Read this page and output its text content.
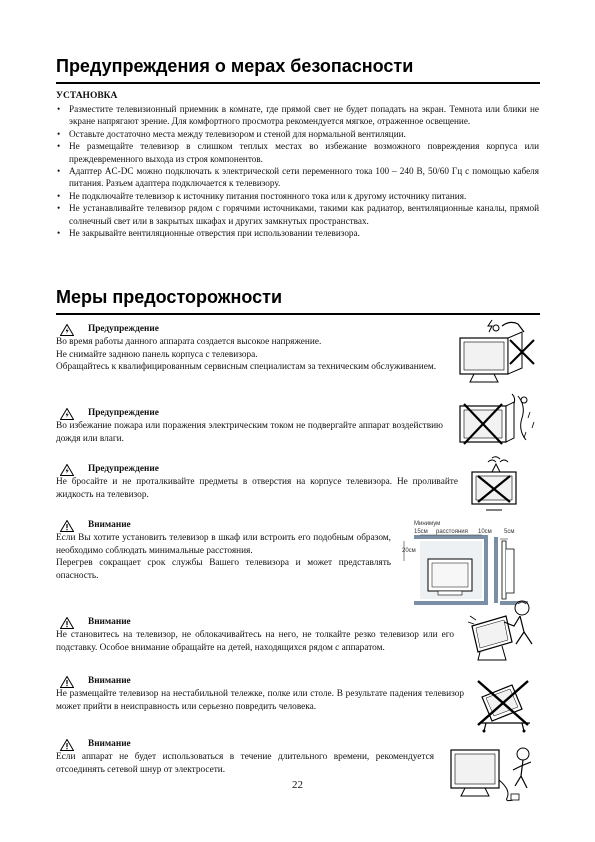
Предупреждения о мерах безопасности
УСТАНОВКА
• Разместите телевизионный приемник в комнате, где прямой свет не будет попадать на экран. Темнота или блики не экране напрягают зрение. Для комфортного просмотра рекомендуется мягкое, отраженное освещение.
• Оставьте достаточно места между телевизором и стеной для нормальной вентиляции.
• Не размещайте телевизор в слишком теплых местах во избежание возможного повреждения корпуса или преждевременного выхода из строя компонентов.
• Адаптер AC-DC можно подключать к электрической сети переменного тока 100 – 240 В, 50/60 Гц с помощью кабеля питания. Разъем адаптера подключается к телевизору.
• Не подключайте телевизор к источнику питания постоянного тока или к другому источнику питания.
• Не устанавливайте телевизор рядом с горячими источниками, такими как радиатор, вентиляционные каналы, прямой солнечный свет или в закрытых шкафах и других замкнутых пространствах.
• Не закрывайте вентиляционные отверстия при использовании телевизора.
Меры предосторожности
Предупреждение
Во время работы данного аппарата создается высокое напряжение.
Не снимайте заднюю панель корпуса с телевизора.
Обращайтесь к квалифицированным сервисным специалистам за техническим обслуживанием.
Предупреждение
Во избежание пожара или поражения электрическим током не подвергайте аппарат воздействию дождя или влаги.
Предупреждение
Не бросайте и не проталкивайте предметы в отверстия на корпусе телевизора. Не проливайте жидкость на телевизор.
Внимание
Если Вы хотите установить телевизор в шкаф или встроить его подобным образом, необходимо соблюдать минимальные расстояния.
Перегрев сокращает срок службы Вашего телевизора и может представлять опасность.
Внимание
Не становитесь на телевизор, не облокачивайтесь на него, не толкайте резко телевизор или его подставку. Особое внимание обращайте на детей, находящихся рядом с аппаратом.
Внимание
Не размещайте телевизор на нестабильной тележке, полке или столе. В результате падения телевизор может прийти в неисправность или серьезно повредить человека.
Внимание
Если аппарат не будет использоваться в течение длительного времени, рекомендуется отсоединять сетевой шнур от электросети.
Минимум
15см расстояния 10см 5см
20см
22
